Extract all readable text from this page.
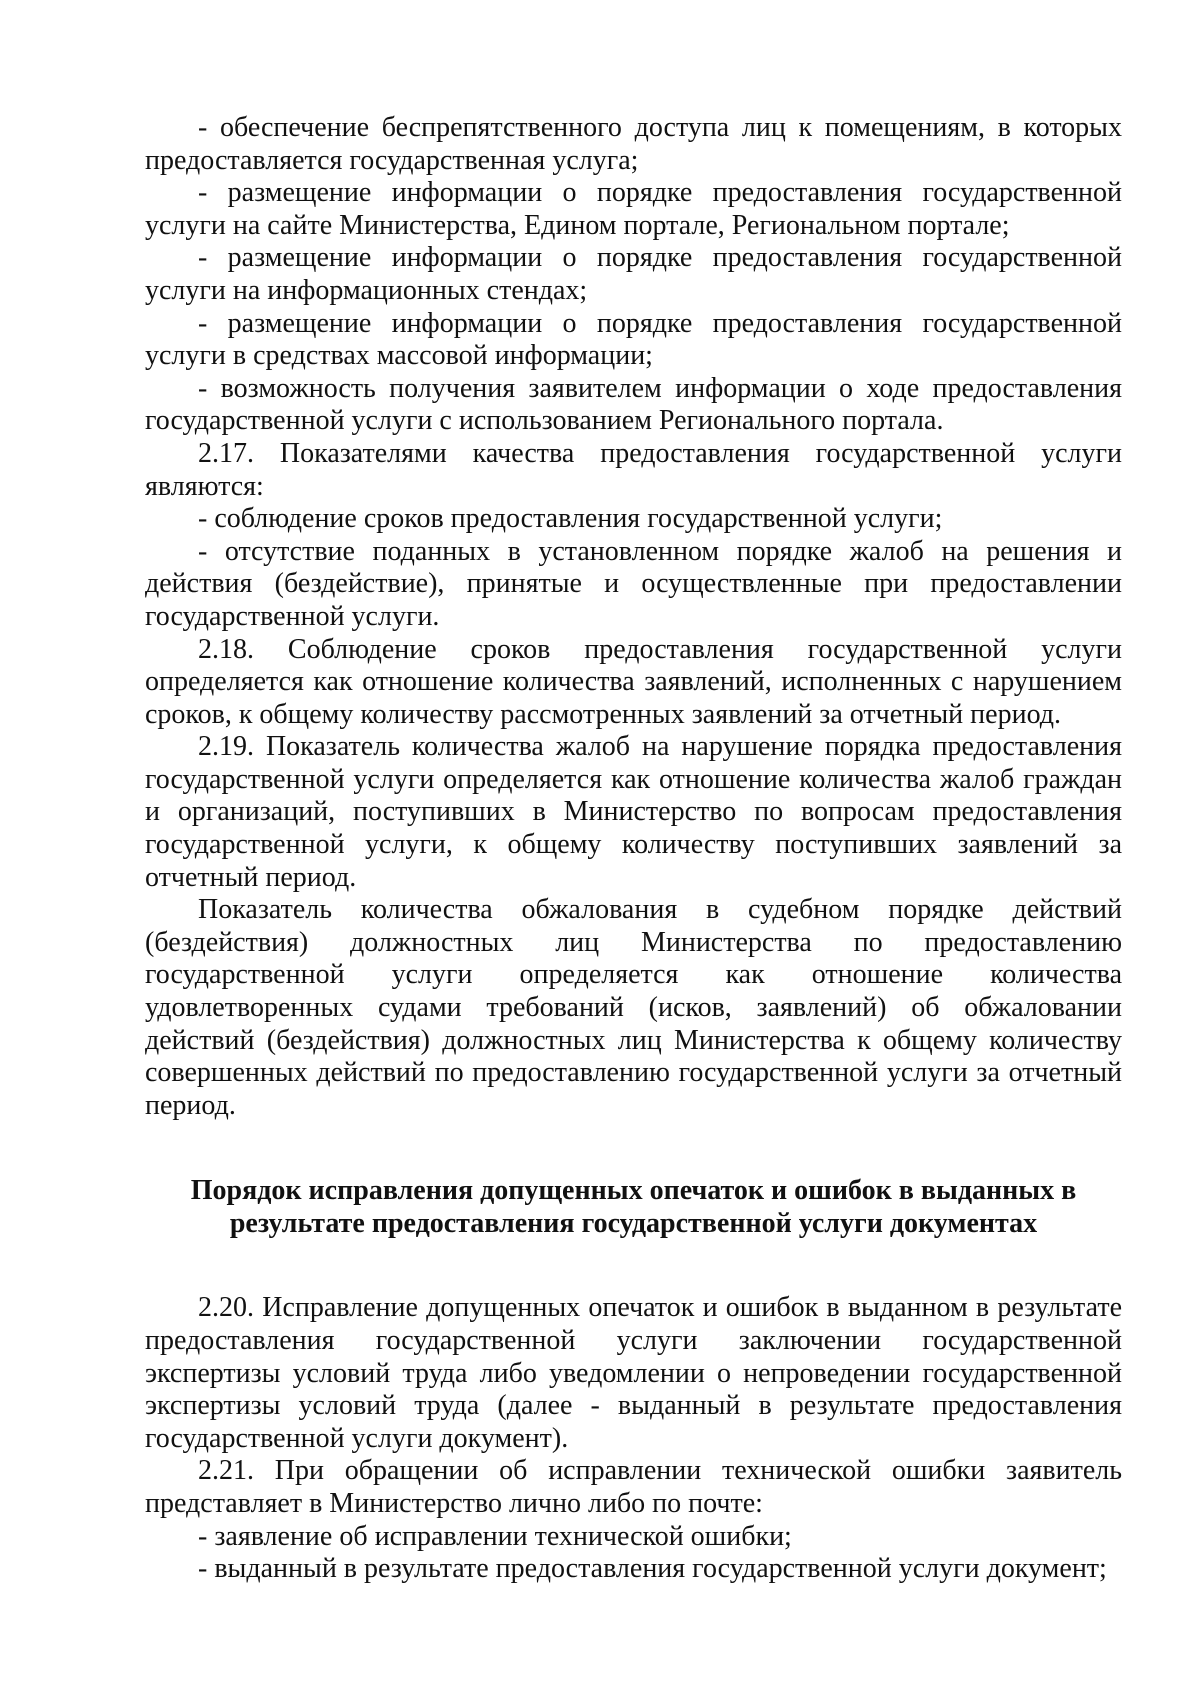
- обеспечение беспрепятственного доступа лиц к помещениям, в которых предоставляется государственная услуга;

- размещение информации о порядке предоставления государственной услуги на сайте Министерства, Едином портале, Региональном портале;

- размещение информации о порядке предоставления государственной услуги на информационных стендах;

- размещение информации о порядке предоставления государственной услуги в средствах массовой информации;

- возможность получения заявителем информации о ходе предоставления государственной услуги с использованием Регионального портала.

2.17. Показателями качества предоставления государственной услуги являются:

- соблюдение сроков предоставления государственной услуги;

- отсутствие поданных в установленном порядке жалоб на решения и действия (бездействие), принятые и осуществленные при предоставлении государственной услуги.

2.18. Соблюдение сроков предоставления государственной услуги определяется как отношение количества заявлений, исполненных с нарушением сроков, к общему количеству рассмотренных заявлений за отчетный период.

2.19. Показатель количества жалоб на нарушение порядка предоставления государственной услуги определяется как отношение количества жалоб граждан и организаций, поступивших в Министерство по вопросам предоставления государственной услуги, к общему количеству поступивших заявлений за отчетный период.

Показатель количества обжалования в судебном порядке действий (бездействия) должностных лиц Министерства по предоставлению государственной услуги определяется как отношение количества удовлетворенных судами требований (исков, заявлений) об обжаловании действий (бездействия) должностных лиц Министерства к общему количеству совершенных действий по предоставлению государственной услуги за отчетный период.

Порядок исправления допущенных опечаток и ошибок в выданных в
результате предоставления государственной услуги документах

2.20. Исправление допущенных опечаток и ошибок в выданном в результате предоставления государственной услуги заключении государственной экспертизы условий труда либо уведомлении о непроведении государственной экспертизы условий труда (далее - выданный в результате предоставления государственной услуги документ).

2.21. При обращении об исправлении технической ошибки заявитель представляет в Министерство лично либо по почте:

- заявление об исправлении технической ошибки;

- выданный в результате предоставления государственной услуги документ;
